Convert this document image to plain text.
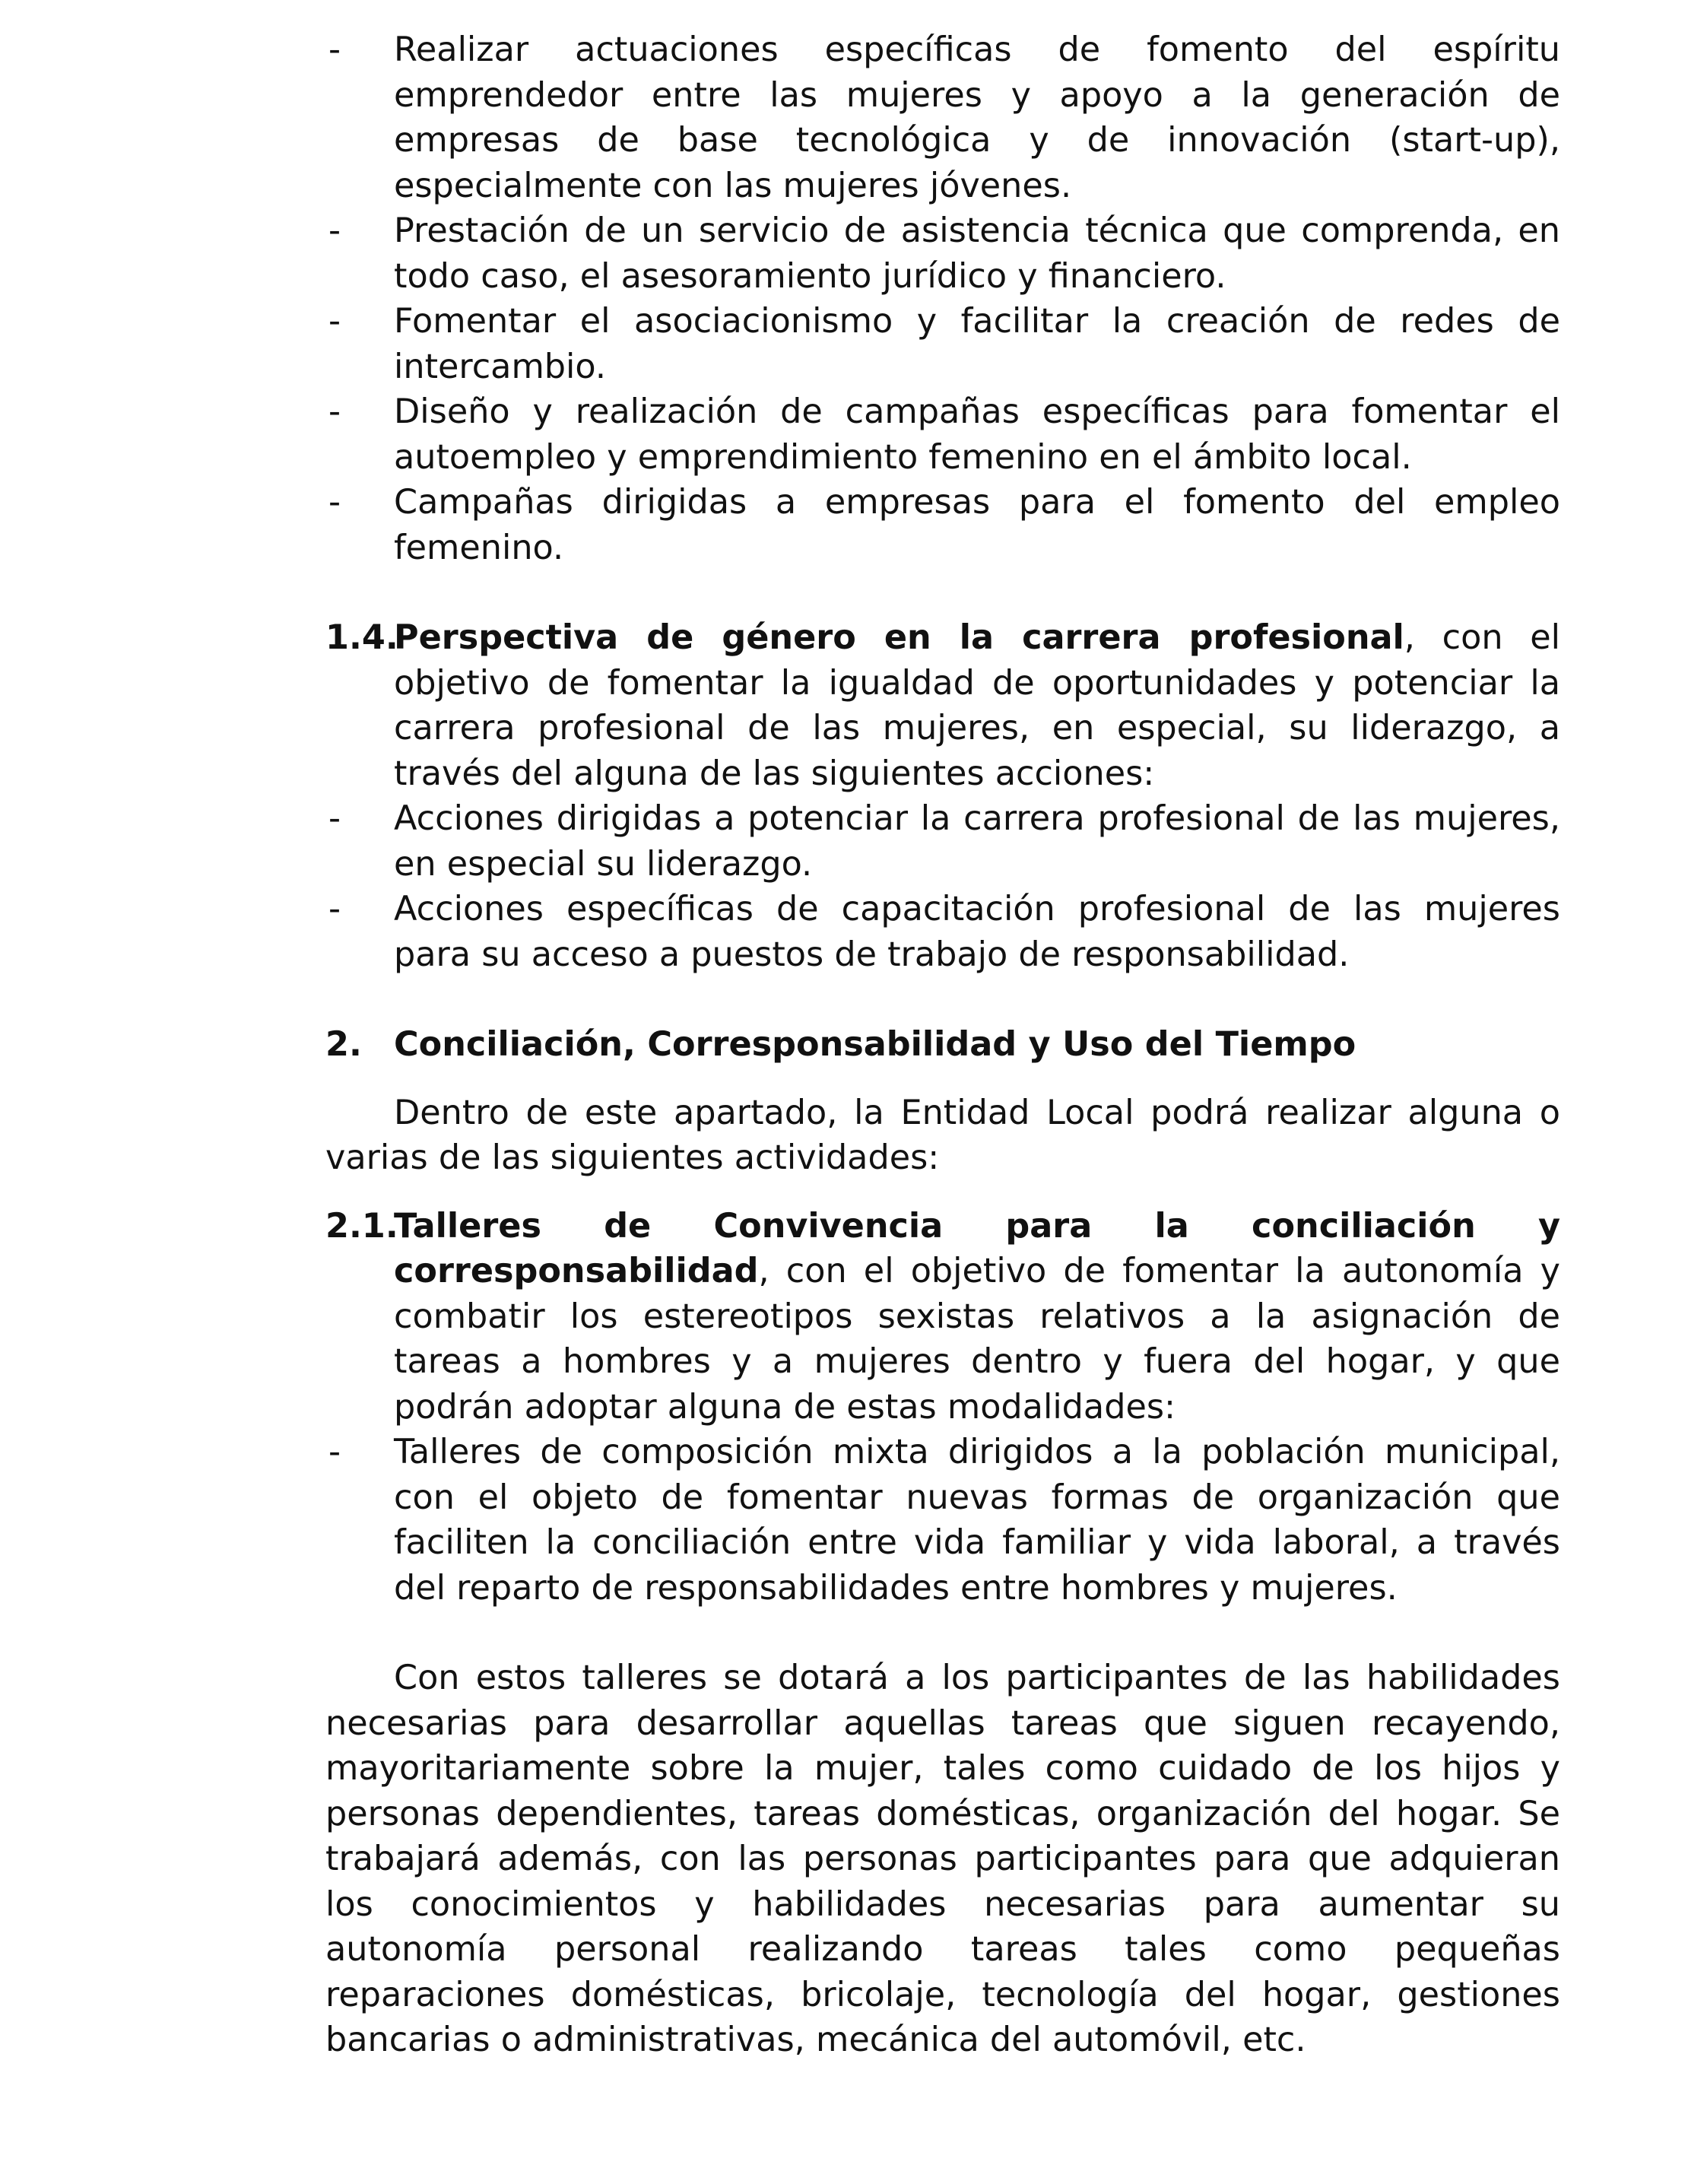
- Realizar actuaciones específicas de fomento del espíritu emprendedor entre las mujeres y apoyo a la generación de empresas de base tecnológica y de innovación (start-up), especialmente con las mujeres jóvenes.
- Prestación de un servicio de asistencia técnica que comprenda, en todo caso, el asesoramiento jurídico y financiero.
- Fomentar el asociacionismo y facilitar la creación de redes de intercambio.
- Diseño y realización de campañas específicas para fomentar el autoempleo y emprendimiento femenino en el ámbito local.
- Campañas dirigidas a empresas para el fomento del empleo femenino.
1.4.
Perspectiva de género en la carrera profesional, con el objetivo de fomentar la igualdad de oportunidades y potenciar la carrera profesional de las mujeres, en especial, su liderazgo, a través del alguna de las siguientes acciones:
- Acciones dirigidas a potenciar la carrera profesional de las mujeres, en especial su liderazgo.
- Acciones específicas de capacitación profesional de las mujeres para su acceso a puestos de trabajo de responsabilidad.
2. Conciliación, Corresponsabilidad y Uso del Tiempo
Dentro de este apartado, la Entidad Local podrá realizar alguna o varias de las siguientes actividades:
2.1.
Talleres de Convivencia para la conciliación y corresponsabilidad, con el objetivo de fomentar la autonomía y combatir los estereotipos sexistas relativos a la asignación de tareas a hombres y a mujeres dentro y fuera del hogar, y que podrán adoptar alguna de estas modalidades:
- Talleres de composición mixta dirigidos a la población municipal, con el objeto de fomentar nuevas formas de organización que faciliten la conciliación entre vida familiar y vida laboral, a través del reparto de responsabilidades entre hombres y mujeres.
Con estos talleres se dotará a los participantes de las habilidades necesarias para desarrollar aquellas tareas que siguen recayendo, mayoritariamente sobre la mujer, tales como cuidado de los hijos y personas dependientes, tareas domésticas, organización del hogar. Se trabajará además, con las personas participantes para que adquieran los conocimientos y habilidades necesarias para aumentar su autonomía personal realizando tareas tales como pequeñas reparaciones domésticas, bricolaje, tecnología del hogar, gestiones bancarias o administrativas, mecánica del automóvil, etc.
